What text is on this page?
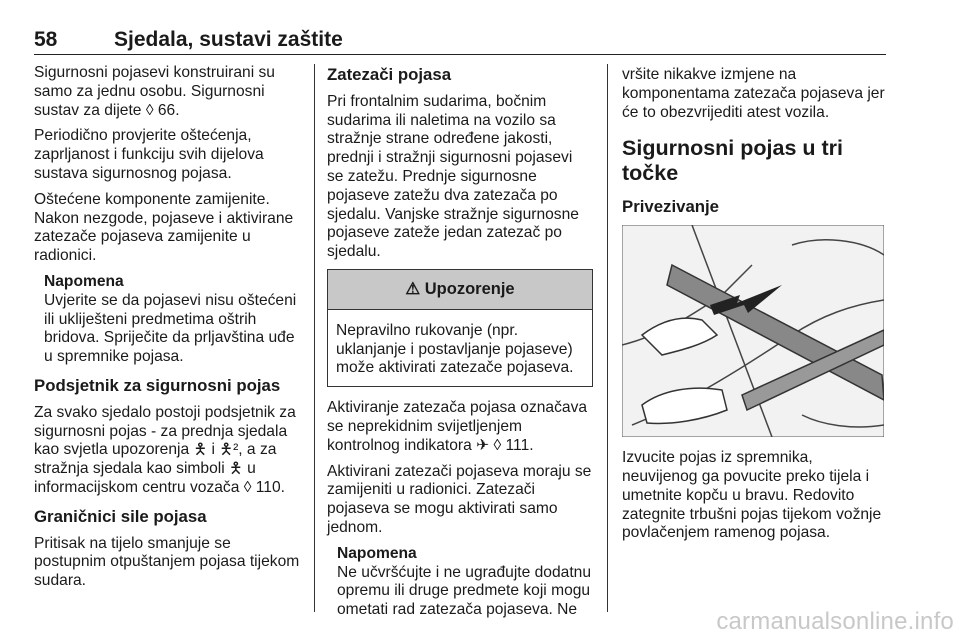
58	Sjedala, sustavi zaštite

Sigurnosni pojasevi konstruirani su samo za jednu osobu. Sigurnosni sustav za dijete ◊ 66.

Periodično provjerite oštećenja, zaprljanost i funkciju svih dijelova sustava sigurnosnog pojasa.

Oštećene komponente zamijenite. Nakon nezgode, pojaseve i aktivirane zatezače pojaseva zamijenite u radionici.

Napomena
Uvjerite se da pojasevi nisu oštećeni ili ukliješteni predmetima oštrih bridova. Spriječite da prljavština uđe u spremnike pojasa.
Podsjetnik za sigurnosni pojas

Za svako sjedalo postoji podsjetnik za sigurnosni pojas - za prednja sjedala kao svjetla upozorenja 🯅 i 🯅², a za stražnja sjedala kao simboli 🯅 u informacijskom centru vozača ◊ 110.

Graničnici sile pojasa

Pritisak na tijelo smanjuje se postupnim otpuštanjem pojasa tijekom sudara.

Zatezači pojasa

Pri frontalnim sudarima, bočnim sudarima ili naletima na vozilo sa stražnje strane određene jakosti, prednji i stražnji sigurnosni pojasevi se zatežu. Prednje sigurnosne pojaseve zatežu dva zatezača po sjedalu. Vanjske stražnje sigurnosne pojaseve zateže jedan zatezač po sjedalu.

⚠ Upozorenje
Nepravilno rukovanje (npr. uklanjanje i postavljanje pojaseve) može aktivirati zatezače pojaseva.

Aktiviranje zatezača pojasa označava se neprekidnim svijetljenjem kontrolnog indikatora ✈ ◊ 111.

Aktivirani zatezači pojaseva moraju se zamijeniti u radionici. Zatezači pojaseva se mogu aktivirati samo jednom.

Napomena
Ne učvršćujte i ne ugrađujte dodatnu opremu ili druge predmete koji mogu ometati rad zatezača pojaseva. Ne

vršite nikakve izmjene na komponentama zatezača pojaseva jer će to obezvrijediti atest vozila.

Sigurnosni pojas u tri točke
Privezivanje

Izvucite pojas iz spremnika, neuvijenog ga povucite preko tijela i umetnite kopču u bravu. Redovito zategnite trbušni pojas tijekom vožnje povlačenjem ramenog pojasa.

carmanualsonline.info
